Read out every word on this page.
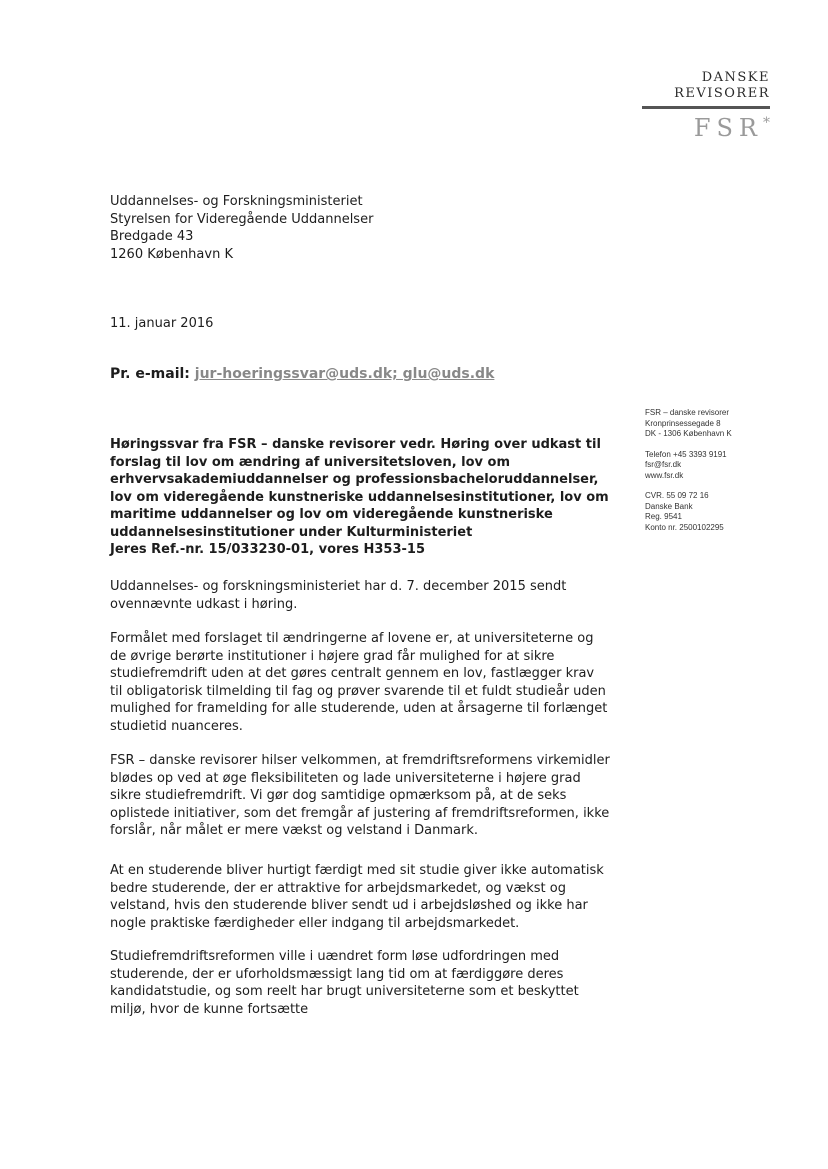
DANSKE
REVISORER
FSR*
Uddannelses- og Forskningsministeriet
Styrelsen for Videregående Uddannelser
Bredgade 43
1260 København K
11. januar 2016
Pr. e-mail: jur-hoeringssvar@uds.dk; glu@uds.dk
FSR – danske revisorer
Kronprinsessegade 8
DK - 1306 København K
Telefon +45 3393 9191
fsr@fsr.dk
www.fsr.dk
CVR. 55 09 72 16
Danske Bank
Reg. 9541
Konto nr. 2500102295
Høringssvar fra FSR – danske revisorer vedr. Høring over udkast til forslag til lov om ændring af universitetsloven, lov om erhvervsakademiuddannelser og professionsbacheloruddannelser, lov om videregående kunstneriske uddannelsesinstitutioner, lov om maritime uddannelser og lov om videregående kunstneriske uddannelsesinstitutioner under Kulturministeriet
Jeres Ref.-nr. 15/033230-01, vores H353-15
Uddannelses- og forskningsministeriet har d. 7. december 2015 sendt ovennævnte udkast i høring.
Formålet med forslaget til ændringerne af lovene er, at universiteterne og de øvrige berørte institutioner i højere grad får mulighed for at sikre studiefremdrift uden at det gøres centralt gennem en lov, fastlægger krav til obligatorisk tilmelding til fag og prøver svarende til et fuldt studieår uden mulighed for framelding for alle studerende, uden at årsagerne til forlænget studietid nuanceres.
FSR – danske revisorer hilser velkommen, at fremdriftsreformens virkemidler blødes op ved at øge fleksibiliteten og lade universiteterne i højere grad sikre studiefremdrift. Vi gør dog samtidige opmærksom på, at de seks oplistede initiativer, som det fremgår af justering af fremdriftsreformen, ikke forslår, når målet er mere vækst og velstand i Danmark.
At en studerende bliver hurtigt færdigt med sit studie giver ikke automatisk bedre studerende, der er attraktive for arbejdsmarkedet, og vækst og velstand, hvis den studerende bliver sendt ud i arbejdsløshed og ikke har nogle praktiske færdigheder eller indgang til arbejdsmarkedet.
Studiefremdriftsreformen ville i uændret form løse udfordringen med studerende, der er uforholdsmæssigt lang tid om at færdiggøre deres kandidatstudie, og som reelt har brugt universiteterne som et beskyttet miljø, hvor de kunne fortsætte
